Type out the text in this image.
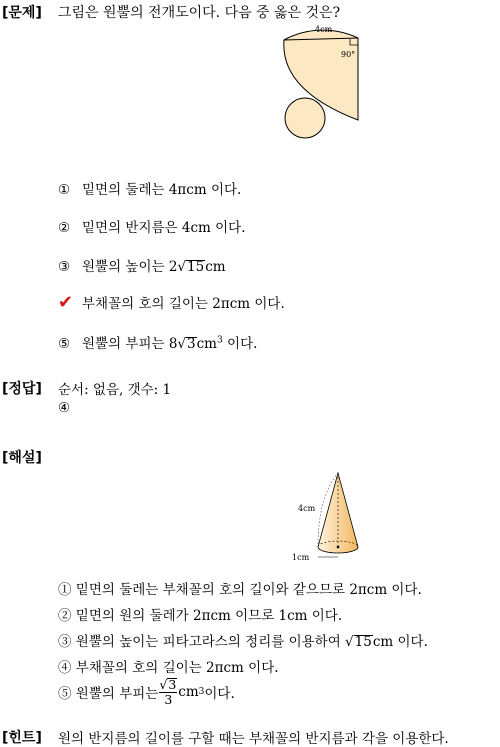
[문제] 그림은 원뿔의 전개도이다. 다음 중 옳은 것은?
4cm
90°
① 밑면의 둘레는 4πcm 이다.
② 밑면의 반지름은 4cm 이다.
③ 원뿔의 높이는 2√15cm
✔ 부채꼴의 호의 길이는 2πcm 이다.
⑤ 원뿔의 부피는 $8√3cm^3$ 이다.
[정답] 순서: 없음, 갯수: 1
④
[해설]
4cm
1cm
① 밑면의 둘레는 부채꼴의 호의 길이와 같으므로 2πcm 이다.
② 밑면의 원의 둘레가 2πcm 이므로 1cm 이다.
③ 원뿔의 높이는 피타고라스의 정리를 이용하여 √15cm 이다.
④ 부채꼴의 호의 길이는 2πcm 이다.
⑤ 원뿔의 부피는 $\frac{√3}{3}$ cm 3 이다.
[힌트] 원의 반지름의 길이를 구할 때는 부채꼴의 반지름과 각을 이용한다.
